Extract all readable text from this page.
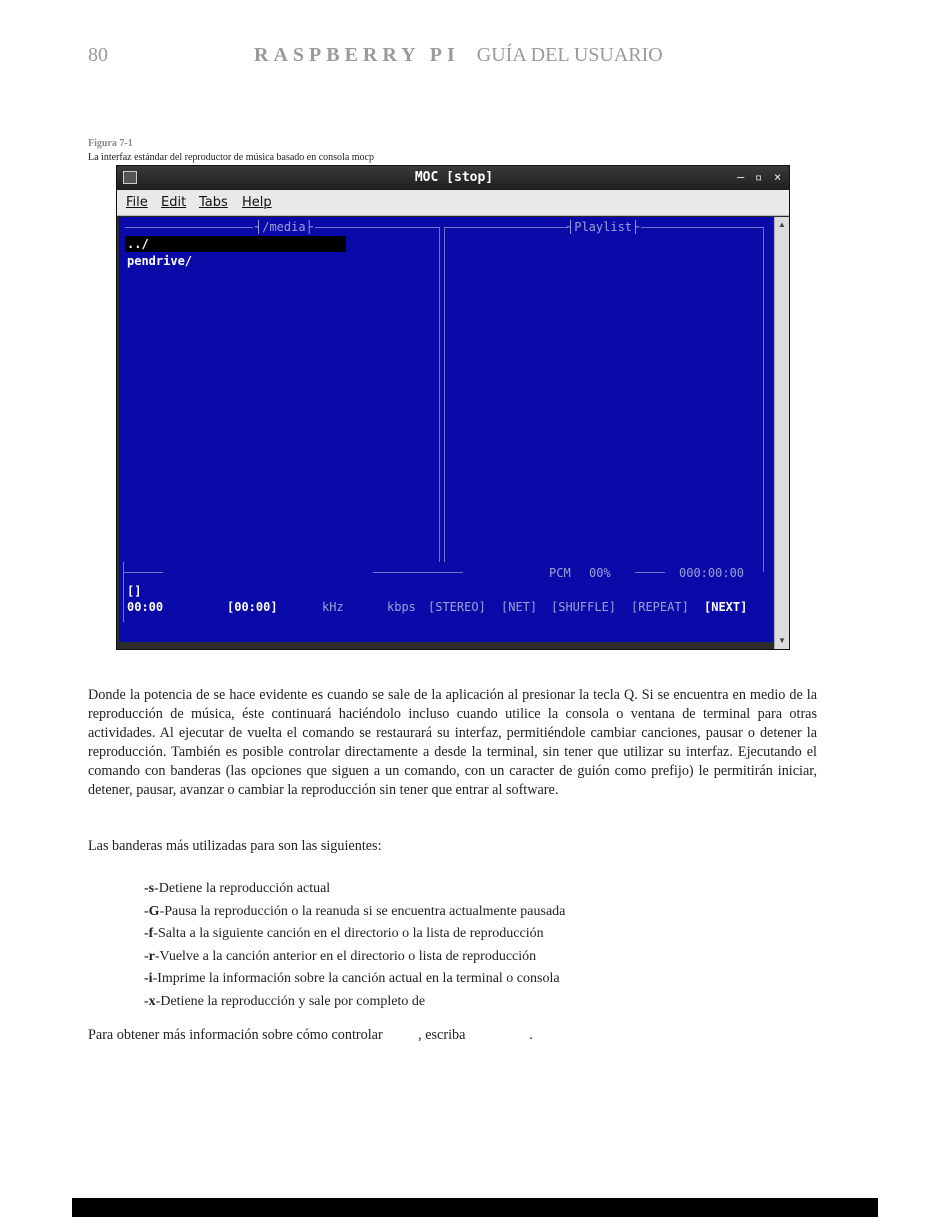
80	RASPBERRY PI GUÍA DEL USUARIO
Figura 7-1
La interfaz estándar del reproductor de música basado en consola mocp
MOC [stop]	‒ ▫ ×
File Edit Tabs Help
┤/media├	┤Playlist├
../
pendrive/
PCM 00%	000:00:00
[]
00:00	[00:00]	kHz	kbps [STEREO] [NET] [SHUFFLE] [REPEAT] [NEXT]
▲
▼
Donde la potencia de se hace evidente es cuando se sale de la aplicación al presionar la tecla Q. Si se encuentra en medio de la reproducción de música, éste continuará haciéndolo incluso cuando utilice la consola o ventana de terminal para otras actividades. Al ejecutar de vuelta el comando se restaurará su interfaz, permitiéndole cambiar canciones, pausar o detener la reproducción. También es posible controlar directamente a desde la terminal, sin tener que utilizar su interfaz. Ejecutando el comando con banderas (las opciones que siguen a un comando, con un caracter de guión como prefijo) le permitirán iniciar, detener, pausar, avanzar o cambiar la reproducción sin tener que entrar al software.
Las banderas más utilizadas para son las siguientes:
-s-Detiene la reproducción actual
-G-Pausa la reproducción o la reanuda si se encuentra actualmente pausada
-f-Salta a la siguiente canción en el directorio o la lista de reproducción
-r-Vuelve a la canción anterior en el directorio o lista de reproducción
-i-Imprime la información sobre la canción actual en la terminal o consola
-x-Detiene la reproducción y sale por completo de
Para obtener más información sobre cómo controlar          , escriba                  .
